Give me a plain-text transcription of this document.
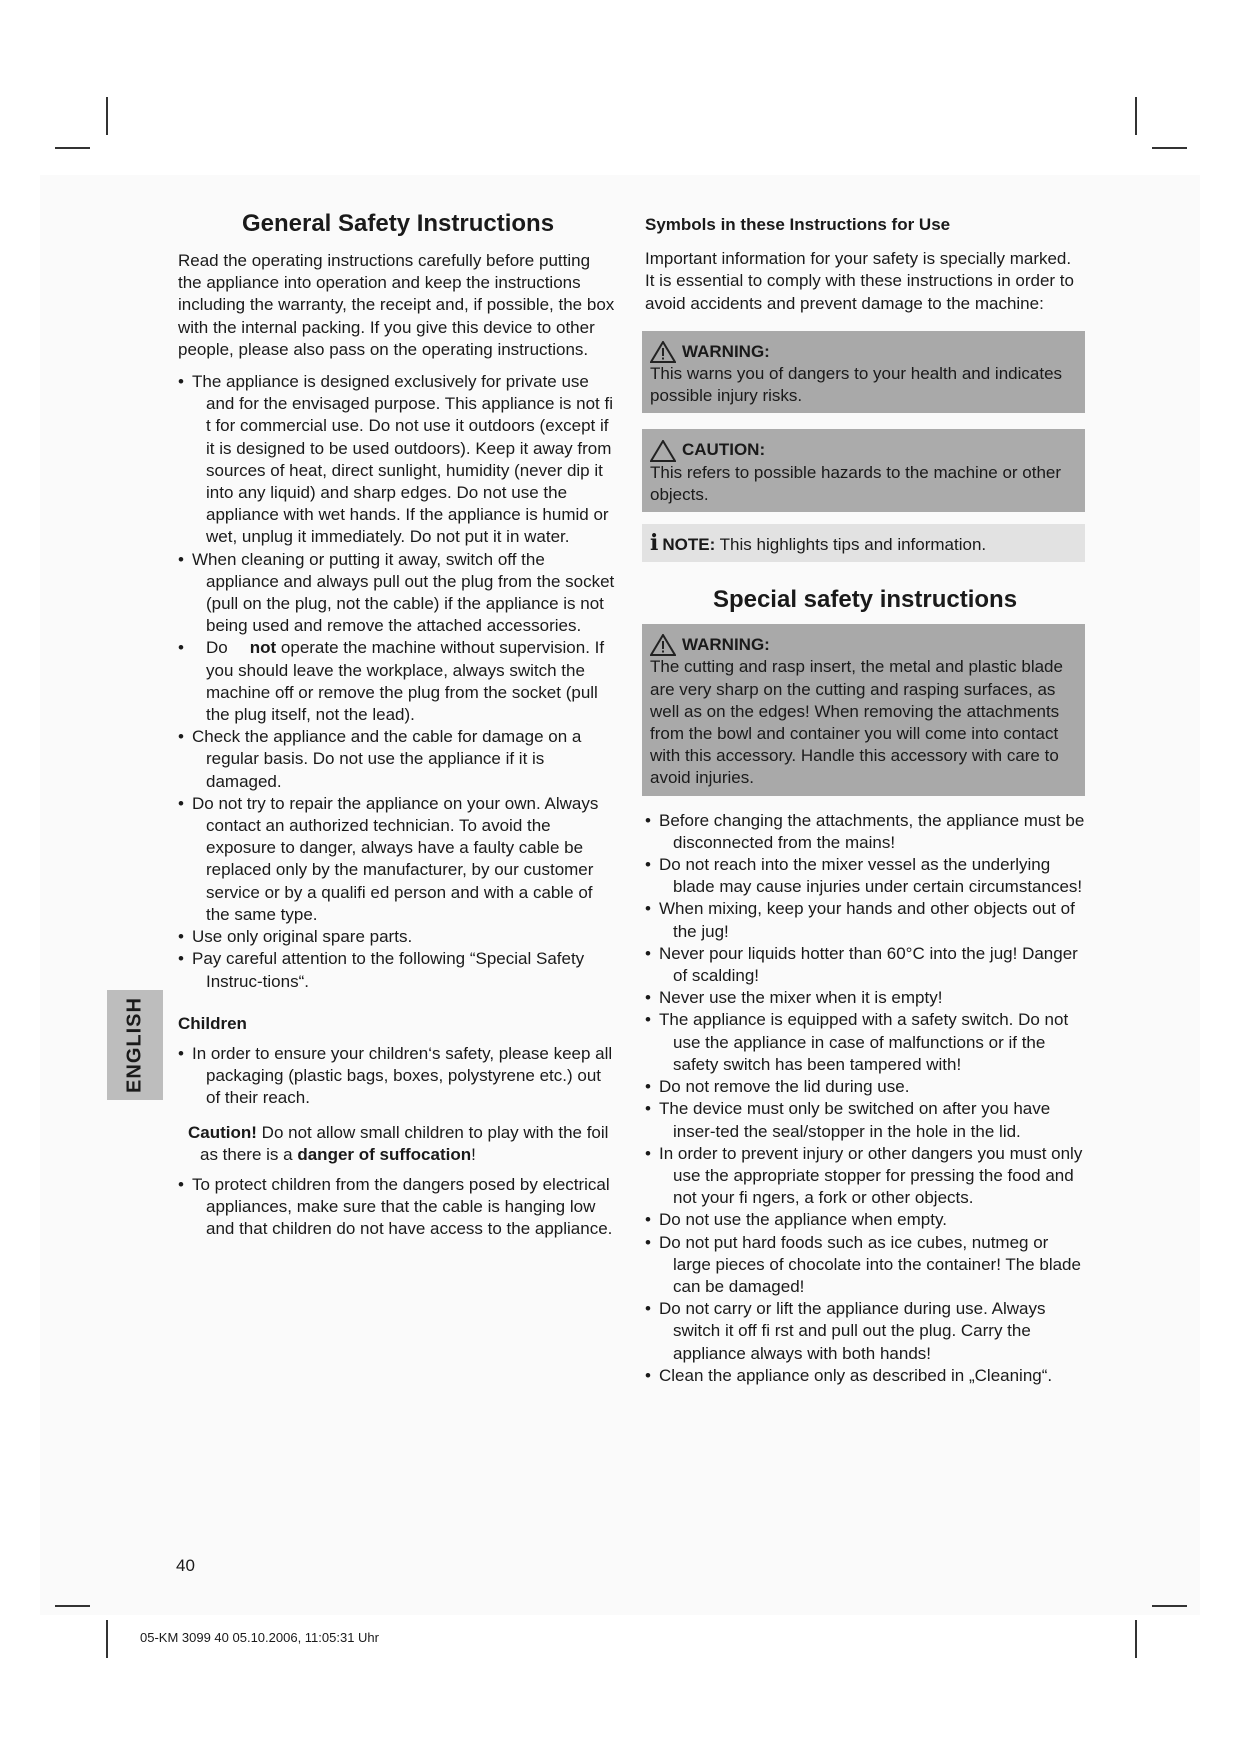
ENGLISH
General Safety Instructions

Read the operating instructions carefully before putting the appliance into operation and keep the instructions including the warranty, the receipt and, if possible, the box with the internal packing. If you give this device to other people, please also pass on the operating instructions.

• The appliance is designed exclusively for private use and for the envisaged purpose. This appliance is not fi t for commercial use. Do not use it outdoors (except if it is designed to be used outdoors). Keep it away from sources of heat, direct sunlight, humidity (never dip it into any liquid) and sharp edges. Do not use the appliance with wet hands. If the appliance is humid or wet, unplug it immediately. Do not put it in water.
• When cleaning or putting it away, switch off the appliance and always pull out the plug from the socket (pull on the plug, not the cable) if the appliance is not being used and remove the attached accessories.
• Do not operate the machine without supervision. If you should leave the workplace, always switch the machine off or remove the plug from the socket (pull the plug itself, not the lead).
• Check the appliance and the cable for damage on a regular basis. Do not use the appliance if it is damaged.
• Do not try to repair the appliance on your own. Always contact an authorized technician. To avoid the exposure to danger, always have a faulty cable be replaced only by the manufacturer, by our customer service or by a qualifi ed person and with a cable of the same type.
• Use only original spare parts.
• Pay careful attention to the following “Special Safety Instruc-tions“.
Children
• In order to ensure your children‘s safety, please keep all packaging (plastic bags, boxes, polystyrene etc.) out of their reach.

Caution! Do not allow small children to play with the foil as there is a danger of suffocation!

• To protect children from the dangers posed by electrical appliances, make sure that the cable is hanging low and that children do not have access to the appliance.
Symbols in these Instructions for Use

Important information for your safety is specially marked. It is essential to comply with these instructions in order to avoid accidents and prevent damage to the machine:

WARNING:

This warns you of dangers to your health and indicates possible injury risks.

CAUTION:

This refers to possible hazards to the machine or other objects.

i NOTE: This highlights tips and information.
Special safety instructions
WARNING:

The cutting and rasp insert, the metal and plastic blade are very sharp on the cutting and rasping surfaces, as well as on the edges! When removing the attachments from the bowl and container you will come into contact with this accessory. Handle this accessory with care to avoid injuries.

• Before changing the attachments, the appliance must be disconnected from the mains!
• Do not reach into the mixer vessel as the underlying blade may cause injuries under certain circumstances!
• When mixing, keep your hands and other objects out of the jug!
• Never pour liquids hotter than 60°C into the jug! Danger of scalding!
• Never use the mixer when it is empty!
• The appliance is equipped with a safety switch. Do not use the appliance in case of malfunctions or if the safety switch has been tampered with!
• Do not remove the lid during use.
• The device must only be switched on after you have inser-ted the seal/stopper in the hole in the lid.
• In order to prevent injury or other dangers you must only use the appropriate stopper for pressing the food and not your fi ngers, a fork or other objects.
• Do not use the appliance when empty.
• Do not put hard foods such as ice cubes, nutmeg or large pieces of chocolate into the container! The blade can be damaged!
• Do not carry or lift the appliance during use. Always switch it off fi rst and pull out the plug. Carry the appliance always with both hands!
• Clean the appliance only as described in „Cleaning“.
40
05-KM 3099 40 05.10.2006, 11:05:31 Uhr
